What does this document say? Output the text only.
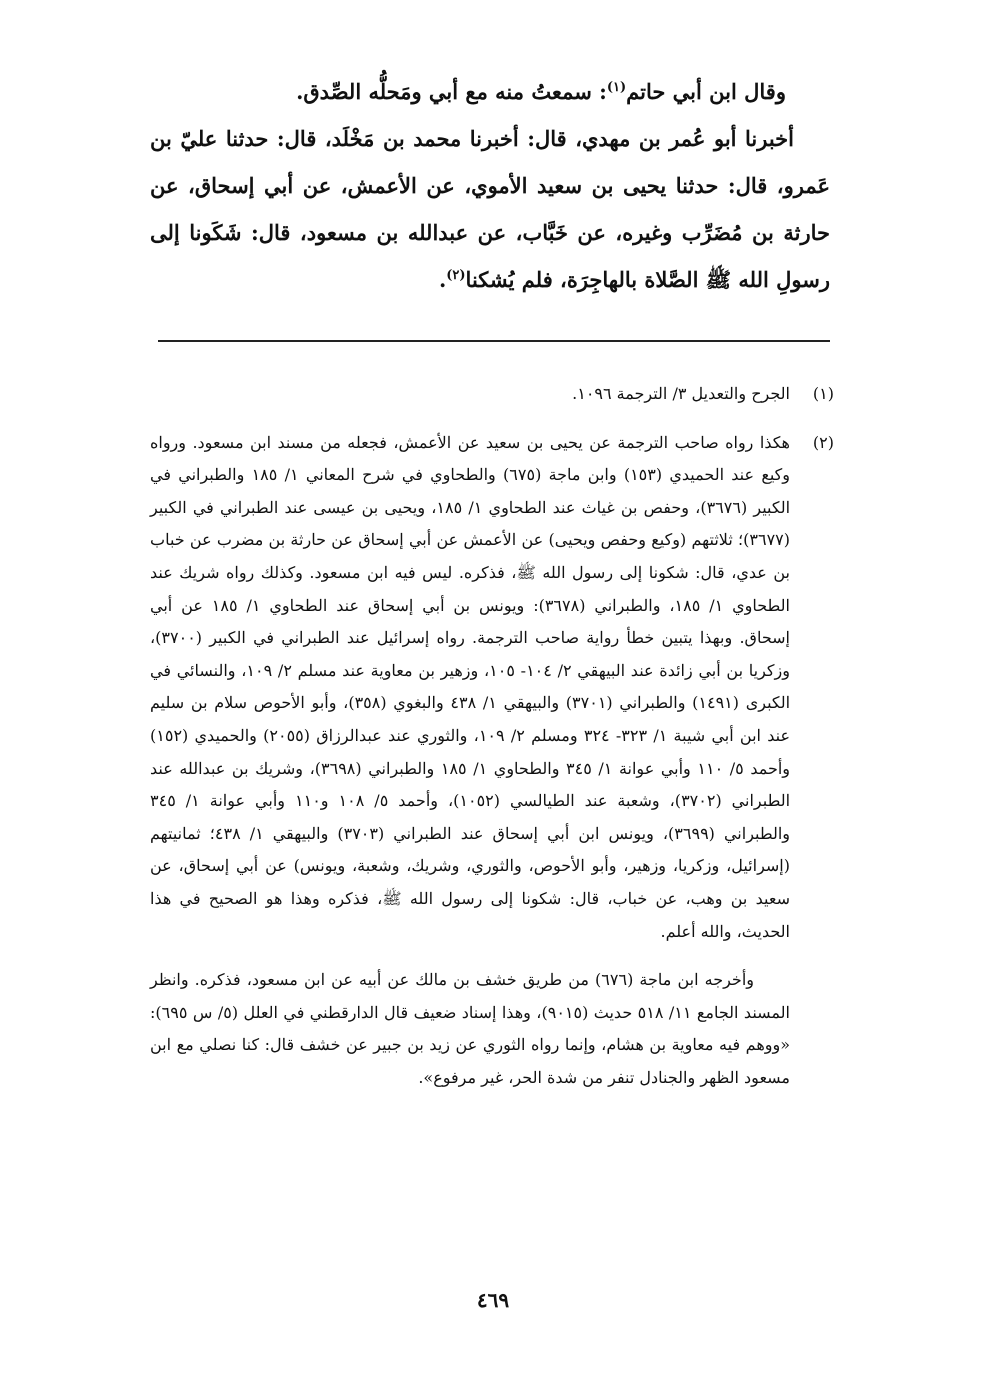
وقال ابن أبي حاتم$^{(١)}$: سمعتُ منه مع أبي ومَحلُّه الصِّدق.

أخبرنا أبو عُمر بن مهدي، قال: أخبرنا محمد بن مَخْلَد، قال: حدثنا عليّ بن عَمرو، قال: حدثنا يحيى بن سعيد الأموي، عن الأعمش، عن أبي إسحاق، عن حارثة بن مُضَرِّب وغيره، عن خَبَّاب، عن عبدالله بن مسعود، قال: شَكَونا إلى رسولِ الله ﷺ الصَّلاة بالهاجِرَة، فلم يُشكنا$^{(٢)}$.

(١)

الجرح والتعديل ٣/ الترجمة ١٠٩٦.

(٢)

هكذا رواه صاحب الترجمة عن يحيى بن سعيد عن الأعمش، فجعله من مسند ابن مسعود. ورواه وكيع عند الحميدي (١٥٣) وابن ماجة (٦٧٥) والطحاوي في شرح المعاني ١/ ١٨٥ والطبراني في الكبير (٣٦٧٦)، وحفص بن غياث عند الطحاوي ١/ ١٨٥، ويحيى بن عيسى عند الطبراني في الكبير (٣٦٧٧)؛ ثلاثتهم (وكيع وحفص ويحيى) عن الأعمش عن أبي إسحاق عن حارثة بن مضرب عن خباب بن عدي، قال: شكونا إلى رسول الله ﷺ، فذكره. ليس فيه ابن مسعود. وكذلك رواه شريك عند الطحاوي ١/ ١٨٥، والطبراني (٣٦٧٨): ويونس بن أبي إسحاق عند الطحاوي ١/ ١٨٥ عن أبي إسحاق. وبهذا يتبين خطأ رواية صاحب الترجمة. رواه إسرائيل عند الطبراني في الكبير (٣٧٠٠)، وزكريا بن أبي زائدة عند البيهقي ٢/ ١٠٤- ١٠٥، وزهير بن معاوية عند مسلم ٢/ ١٠٩، والنسائي في الكبرى (١٤٩١) والطبراني (٣٧٠١) والبيهقي ١/ ٤٣٨ والبغوي (٣٥٨)، وأبو الأحوص سلام بن سليم عند ابن أبي شيبة ١/ ٣٢٣- ٣٢٤ ومسلم ٢/ ١٠٩، والثوري عند عبدالرزاق (٢٠٥٥) والحميدي (١٥٢) وأحمد ٥/ ١١٠ وأبي عوانة ١/ ٣٤٥ والطحاوي ١/ ١٨٥ والطبراني (٣٦٩٨)، وشريك بن عبدالله عند الطبراني (٣٧٠٢)، وشعبة عند الطيالسي (١٠٥٢)، وأحمد ٥/ ١٠٨ و١١٠ وأبي عوانة ١/ ٣٤٥ والطبراني (٣٦٩٩)، ويونس ابن أبي إسحاق عند الطبراني (٣٧٠٣) والبيهقي ١/ ٤٣٨؛ ثمانيتهم (إسرائيل، وزكريا، وزهير، وأبو الأحوص، والثوري، وشريك، وشعبة، ويونس) عن أبي إسحاق، عن سعيد بن وهب، عن خباب، قال: شكونا إلى رسول الله ﷺ، فذكره وهذا هو الصحيح في هذا الحديث، والله أعلم.

وأخرجه ابن ماجة (٦٧٦) من طريق خشف بن مالك عن أبيه عن ابن مسعود، فذكره. وانظر المسند الجامع ١١/ ٥١٨ حديث (٩٠١٥)، وهذا إسناد ضعيف قال الدارقطني في العلل (٥/ س ٦٩٥): «ووهم فيه معاوية بن هشام، وإنما رواه الثوري عن زيد بن جبير عن خشف قال: كنا نصلي مع ابن مسعود الظهر والجنادل تنفر من شدة الحر، غير مرفوع».

٤٦٩
